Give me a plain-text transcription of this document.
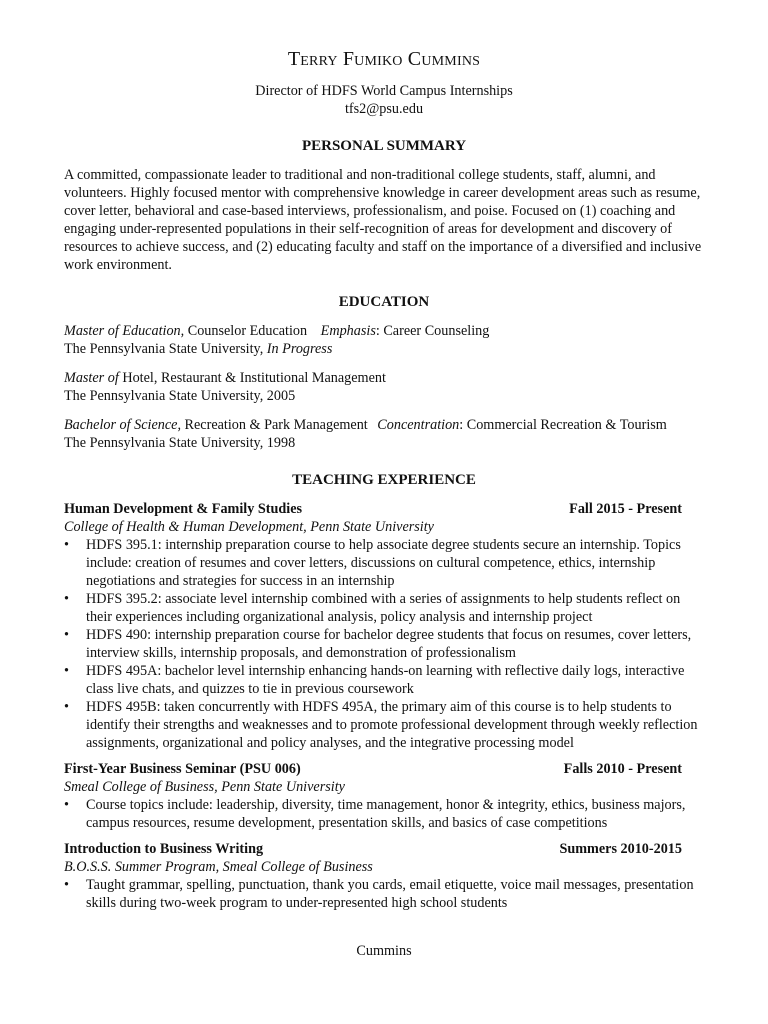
Terry Fumiko Cummins
Director of HDFS World Campus Internships
tfs2@psu.edu
PERSONAL SUMMARY

A committed, compassionate leader to traditional and non-traditional college students, staff, alumni, and volunteers. Highly focused mentor with comprehensive knowledge in career development areas such as resume, cover letter, behavioral and case-based interviews, professionalism, and poise. Focused on (1) coaching and engaging under-represented populations in their self-recognition of areas for development and discovery of resources to achieve success, and (2) educating faculty and staff on the importance of a diversified and inclusive work environment.

EDUCATION
Master of Education, Counselor Education Emphasis: Career Counseling
The Pennsylvania State University, In Progress
Master of Hotel, Restaurant & Institutional Management
The Pennsylvania State University, 2005
Bachelor of Science, Recreation & Park Management Concentration: Commercial Recreation & Tourism
The Pennsylvania State University, 1998
TEACHING EXPERIENCE
Human Development & Family Studies	Fall 2015 - Present
College of Health & Human Development, Penn State University
• HDFS 395.1: internship preparation course to help associate degree students secure an internship. Topics include: creation of resumes and cover letters, discussions on cultural competence, ethics, internship negotiations and strategies for success in an internship
• HDFS 395.2: associate level internship combined with a series of assignments to help students reflect on their experiences including organizational analysis, policy analysis and internship project
• HDFS 490: internship preparation course for bachelor degree students that focus on resumes, cover letters, interview skills, internship proposals, and demonstration of professionalism
• HDFS 495A: bachelor level internship enhancing hands-on learning with reflective daily logs, interactive class live chats, and quizzes to tie in previous coursework
• HDFS 495B: taken concurrently with HDFS 495A, the primary aim of this course is to help students to identify their strengths and weaknesses and to promote professional development through weekly reflection assignments, organizational and policy analyses, and the integrative processing model
First-Year Business Seminar (PSU 006)	Falls 2010 - Present
Smeal College of Business, Penn State University
• Course topics include: leadership, diversity, time management, honor & integrity, ethics, business majors, campus resources, resume development, presentation skills, and basics of case competitions
Introduction to Business Writing	Summers 2010-2015
B.O.S.S. Summer Program, Smeal College of Business
• Taught grammar, spelling, punctuation, thank you cards, email etiquette, voice mail messages, presentation skills during two-week program to under-represented high school students
Cummins
